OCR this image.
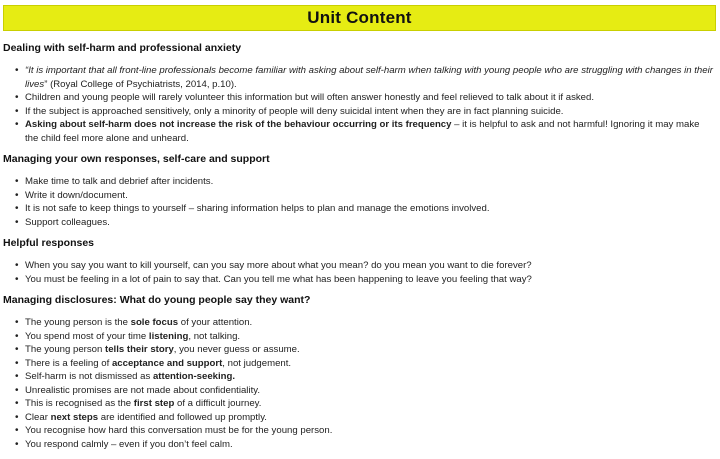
Unit Content
Dealing with self-harm and professional anxiety
• “It is important that all front-line professionals become familiar with asking about self-harm when talking with young people who are struggling with changes in their lives” (Royal College of Psychiatrists, 2014, p.10).
• Children and young people will rarely volunteer this information but will often answer honestly and feel relieved to talk about it if asked.
• If the subject is approached sensitively, only a minority of people will deny suicidal intent when they are in fact planning suicide.
• Asking about self-harm does not increase the risk of the behaviour occurring or its frequency – it is helpful to ask and not harmful! Ignoring it may make the child feel more alone and unheard.
Managing your own responses, self-care and support
• Make time to talk and debrief after incidents.
• Write it down/document.
• It is not safe to keep things to yourself – sharing information helps to plan and manage the emotions involved.
• Support colleagues.
Helpful responses
• When you say you want to kill yourself, can you say more about what you mean? do you mean you want to die forever?
• You must be feeling in a lot of pain to say that. Can you tell me what has been happening to leave you feeling that way?
Managing disclosures: What do young people say they want?
• The young person is the sole focus of your attention.
• You spend most of your time listening, not talking.
• The young person tells their story, you never guess or assume.
• There is a feeling of acceptance and support, not judgement.
• Self-harm is not dismissed as attention-seeking.
• Unrealistic promises are not made about confidentiality.
• This is recognised as the first step of a difficult journey.
• Clear next steps are identified and followed up promptly.
• You recognise how hard this conversation must be for the young person.
• You respond calmly – even if you don’t feel calm.
